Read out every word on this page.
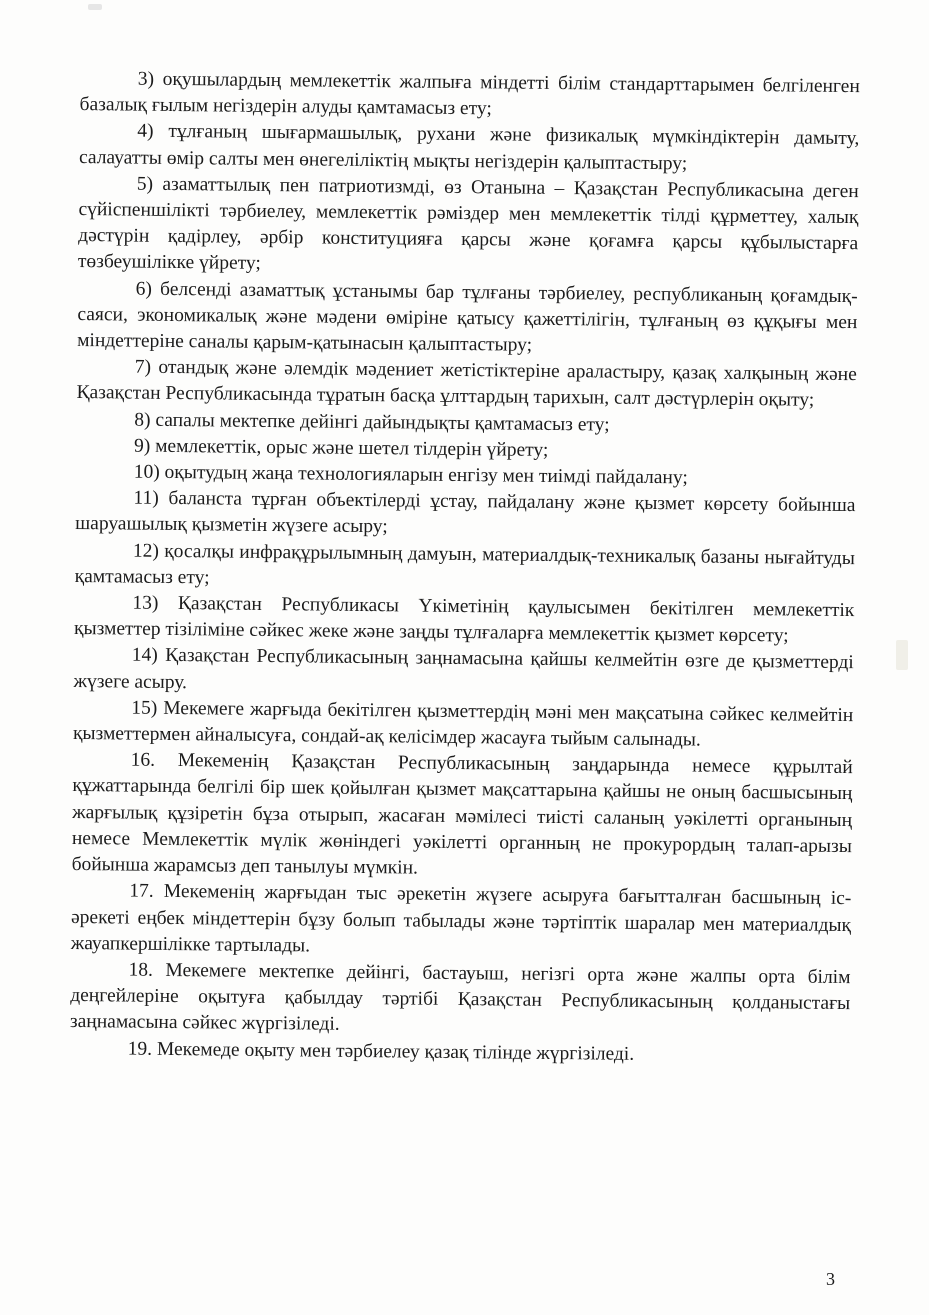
3) оқушылардың мемлекеттік жалпыға міндетті білім стандарттарымен белгіленген базалық ғылым негіздерін алуды қамтамасыз ету;

4) тұлғаның шығармашылық, рухани және физикалық мүмкіндіктерін дамыту, салауатты өмір салты мен өнегеліліктің мықты негіздерін қалыптастыру;

5) азаматтылық пен патриотизмді, өз Отанына – Қазақстан Республикасына деген сүйіспеншілікті тәрбиелеу, мемлекеттік рәміздер мен мемлекеттік тілді құрметтеу, халық дәстүрін қадірлеу, әрбір конституцияға қарсы және қоғамға қарсы құбылыстарға төзбеушілікке үйрету;

6) белсенді азаматтық ұстанымы бар тұлғаны тәрбиелеу, республиканың қоғамдық-саяси, экономикалық және мәдени өміріне қатысу қажеттілігін, тұлғаның өз құқығы мен міндеттеріне саналы қарым-қатынасын қалыптастыру;

7) отандық және әлемдік мәдениет жетістіктеріне араластыру, қазақ халқының және Қазақстан Республикасында тұратын басқа ұлттардың тарихын, салт дәстүрлерін оқыту;

8) сапалы мектепке дейінгі дайындықты қамтамасыз ету;

9) мемлекеттік, орыс және шетел тілдерін үйрету;

10) оқытудың жаңа технологияларын енгізу мен тиімді пайдалану;

11) баланста тұрған объектілерді ұстау, пайдалану және қызмет көрсету бойынша шаруашылық қызметін жүзеге асыру;

12) қосалқы инфрақұрылымның дамуын, материалдық-техникалық базаны нығайтуды қамтамасыз ету;

13) Қазақстан Республикасы Үкіметінің қаулысымен бекітілген мемлекеттік қызметтер тізіліміне сәйкес жеке және заңды тұлғаларға мемлекеттік қызмет көрсету;

14) Қазақстан Республикасының заңнамасына қайшы келмейтін өзге де қызметтерді жүзеге асыру.

15) Мекемеге жарғыда бекітілген қызметтердің мәні мен мақсатына сәйкес келмейтін қызметтермен айналысуға, сондай-ақ келісімдер жасауға тыйым салынады.

16. Мекеменің Қазақстан Республикасының заңдарында немесе құрылтай құжаттарында белгілі бір шек қойылған қызмет мақсаттарына қайшы не оның басшысының жарғылық құзіретін бұза отырып, жасаған мәмілесі тиісті саланың уәкілетті органының немесе Мемлекеттік мүлік жөніндегі уәкілетті органның не прокурордың талап-арызы бойынша жарамсыз деп танылуы мүмкін.

17. Мекеменің жарғыдан тыс әрекетін жүзеге асыруға бағытталған басшының іс-әрекеті еңбек міндеттерін бұзу болып табылады және тәртіптік шаралар мен материалдық жауапкершілікке тартылады.

18. Мекемеге мектепке дейінгі, бастауыш, негізгі орта және жалпы орта білім деңгейлеріне оқытуға қабылдау тәртібі Қазақстан Республикасының қолданыстағы заңнамасына сәйкес жүргізіледі.

19. Мекемеде оқыту мен тәрбиелеу қазақ тілінде жүргізіледі.

3
